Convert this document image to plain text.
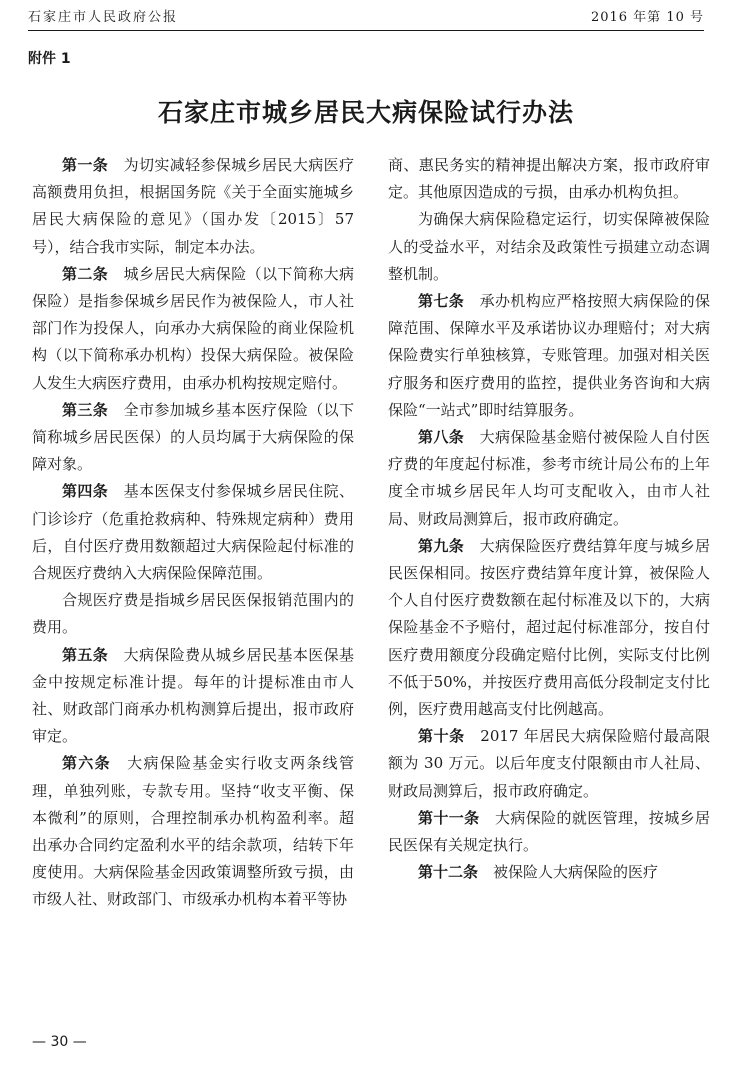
石家庄市人民政府公报	2016 年第 10 号
附件 1
石家庄市城乡居民大病保险试行办法

第一条　 为切实减轻参保城乡居民大病医疗高额费用负担，根据国务院《关于全面实施城乡居民大病保险的意见》（国办发〔2015〕57 号），结合我市实际，制定本办法。

第二条　 城乡居民大病保险（以下简称大病保险）是指参保城乡居民作为被保险人，市人社部门作为投保人，向承办大病保险的商业保险机构（以下简称承办机构）投保大病保险。被保险人发生大病医疗费用，由承办机构按规定赔付。

第三条　 全市参加城乡基本医疗保险（以下简称城乡居民医保）的人员均属于大病保险的保障对象。

第四条　 基本医保支付参保城乡居民住院、门诊诊疗（危重抢救病种、特殊规定病种）费用后，自付医疗费用数额超过大病保险起付标准的合规医疗费纳入大病保险保障范围。

合规医疗费是指城乡居民医保报销范围内的费用。

第五条　 大病保险费从城乡居民基本医保基金中按规定标准计提。每年的计提标准由市人社、财政部门商承办机构测算后提出，报市政府审定。

第六条　 大病保险基金实行收支两条线管理，单独列账，专款专用。坚持“收支平衡、保本微利”的原则，合理控制承办机构盈利率。超出承办合同约定盈利水平的结余款项，结转下年度使用。大病保险基金因政策调整所致亏损，由市级人社、财政部门、市级承办机构本着平等协

商、惠民务实的精神提出解决方案，报市政府审定。其他原因造成的亏损，由承办机构负担。

为确保大病保险稳定运行，切实保障被保险人的受益水平，对结余及政策性亏损建立动态调整机制。

第七条　 承办机构应严格按照大病保险的保障范围、保障水平及承诺协议办理赔付；对大病保险费实行单独核算，专账管理。加强对相关医疗服务和医疗费用的监控，提供业务咨询和大病保险“一站式”即时结算服务。

第八条　 大病保险基金赔付被保险人自付医疗费的年度起付标准，参考市统计局公布的上年度全市城乡居民年人均可支配收入，由市人社局、财政局测算后，报市政府确定。

第九条　 大病保险医疗费结算年度与城乡居民医保相同。按医疗费结算年度计算，被保险人个人自付医疗费数额在起付标准及以下的，大病保险基金不予赔付，超过起付标准部分，按自付医疗费用额度分段确定赔付比例，实际支付比例不低于50%，并按医疗费用高低分段制定支付比例，医疗费用越高支付比例越高。

第十条　 2017 年居民大病保险赔付最高限额为 30 万元。以后年度支付限额由市人社局、财政局测算后，报市政府确定。

第十一条　 大病保险的就医管理，按城乡居民医保有关规定执行。

第十二条　 被保险人大病保险的医疗

— 30 —
